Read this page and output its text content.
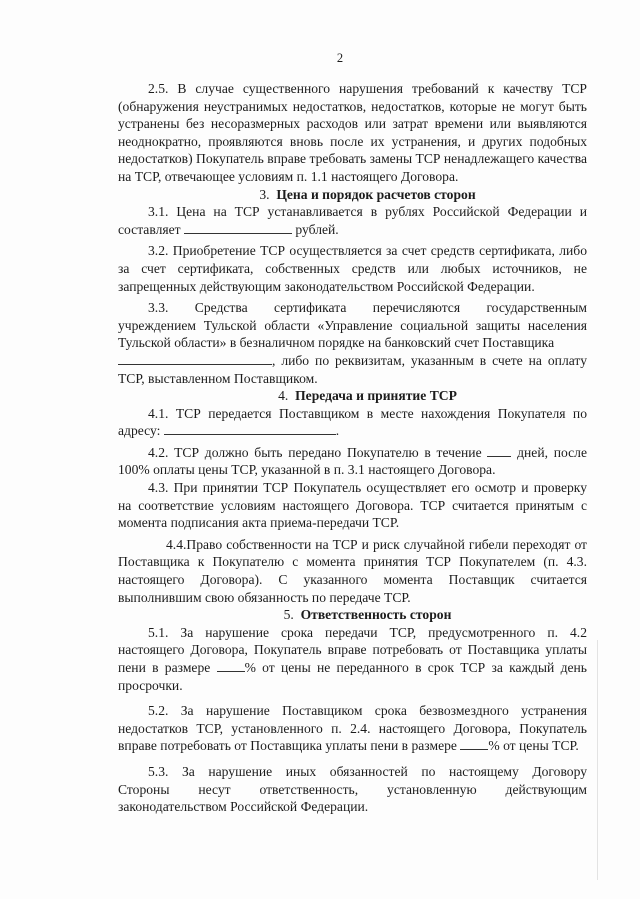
2

2.5. В случае существенного нарушения требований к качеству ТСР (обнаружения неустранимых недостатков, недостатков, которые не могут быть устранены без несоразмерных расходов или затрат времени или выявляются неоднократно, проявляются вновь после их устранения, и других подобных недостатков) Покупатель вправе требовать замены ТСР ненадлежащего качества на ТСР, отвечающее условиям п. 1.1 настоящего Договора.

3. Цена и порядок расчетов сторон

3.1. Цена на ТСР устанавливается в рублях Российской Федерации и составляет	рублей.

3.2. Приобретение ТСР осуществляется за счет средств сертификата, либо за счет сертификата, собственных средств или любых источников, не запрещенных действующим законодательством Российской Федерации.

3.3. Средства сертификата перечисляются государственным

учреждением Тульской области «Управление социальной защиты населения Тульской области» в безналичном порядке на банковский счет Поставщика
, либо по реквизитам, указанным в счете на оплату ТСР, выставленном Поставщиком.

4. Передача и принятие ТСР

4.1. ТСР передается Поставщиком в месте нахождения Покупателя по адресу:	.

4.2. ТСР должно быть передано Покупателю в течение	дней, после 100% оплаты цены ТСР, указанной в п. 3.1 настоящего Договора.

4.3. При принятии ТСР Покупатель осуществляет его осмотр и проверку на соответствие условиям настоящего Договора. ТСР считается принятым с момента подписания акта приема-передачи ТСР.

4.4.Право собственности на ТСР и риск случайной гибели переходят от Поставщика к Покупателю с момента принятия ТСР Покупателем (п. 4.3. настоящего Договора). С указанного момента Поставщик считается выполнившим свою обязанность по передаче ТСР.

5. Ответственность сторон

5.1. За нарушение срока передачи ТСР, предусмотренного п. 4.2 настоящего Договора, Покупатель вправе потребовать от Поставщика уплаты пени в размере	% от цены не переданного в срок ТСР за каждый день просрочки.

5.2. За нарушение Поставщиком срока безвозмездного устранения недостатков ТСР, установленного п. 2.4. настоящего Договора, Покупатель вправе потребовать от Поставщика уплаты пени в размере % от цены ТСР.

5.3. За нарушение иных обязанностей по настоящему Договору

Стороны несут ответственность, установленную действующим

законодательством Российской Федерации.
